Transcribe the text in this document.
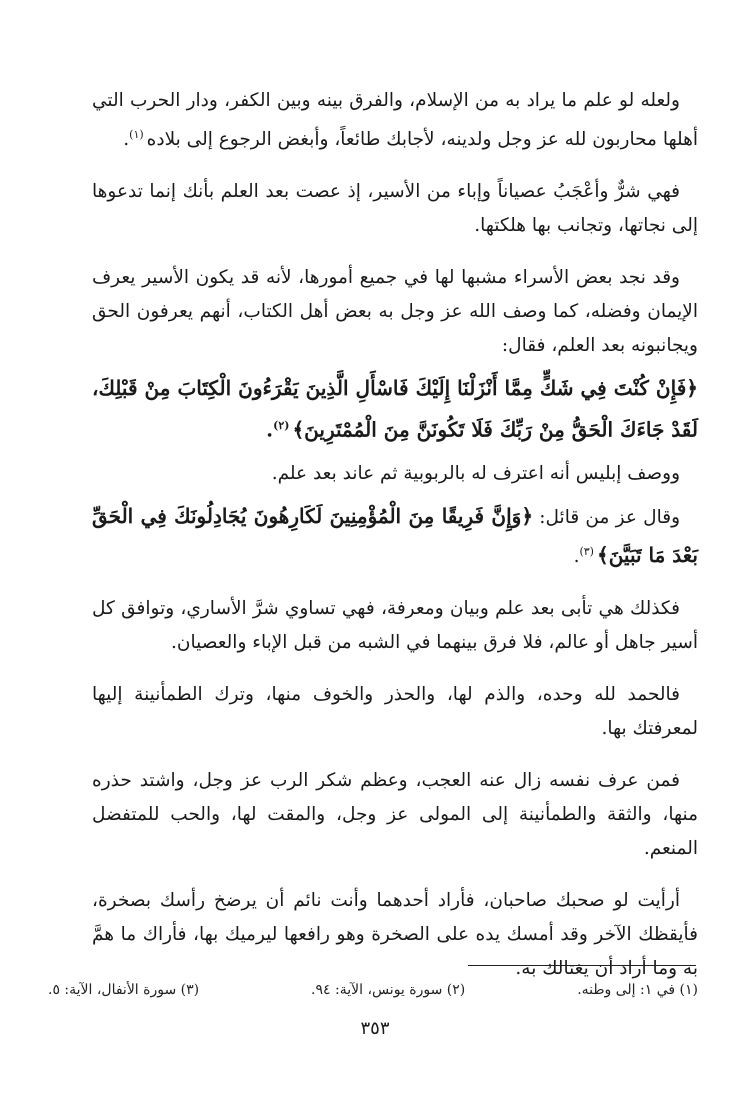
ولعله لو علم ما يراد به من الإسلام، والفرق بينه وبين الكفر، ودار الحرب التي أهلها محاربون لله عز وجل ولدينه، لأجابك طائعاً، وأبغض الرجوع إلى بلاده$^{(١)}$.

فهي شرٌّ وأعْجَبُ عصياناً وإباء من الأسير، إذ عصت بعد العلم بأنك إنما تدعوها إلى نجاتها، وتجانب بها هلكتها.

وقد نجد بعض الأسراء مشبها لها في جميع أمورها، لأنه قد يكون الأسير يعرف الإيمان وفضله، كما وصف الله عز وجل به بعض أهل الكتاب، أنهم يعرفون الحق ويجانبونه بعد العلم، فقال:

﴿فَإِنْ كُنْتَ فِي شَكٍّ مِمَّا أَنْزَلْنَا إِلَيْكَ فَاسْأَلِ الَّذِينَ يَقْرَءُونَ الْكِتَابَ مِنْ قَبْلِكَ، لَقَدْ جَاءَكَ الْحَقُّ مِنْ رَبِّكَ فَلَا تَكُونَنَّ مِنَ الْمُمْتَرِينَ﴾$^{(٢)}$.

ووصف إبليس أنه اعترف له بالربوبية ثم عاند بعد علم.

وقال عز من قائل: ﴿وَإِنَّ فَرِيقًا مِنَ الْمُؤْمِنِينَ لَكَارِهُونَ يُجَادِلُونَكَ فِي الْحَقِّ بَعْدَ مَا تَبَيَّنَ﴾$^{(٣)}$.

فكذلك هي تأبى بعد علم وبيان ومعرفة، فهي تساوي شرَّ الأساري، وتوافق كل أسير جاهل أو عالم، فلا فرق بينهما في الشبه من قبل الإباء والعصيان.

فالحمد لله وحده، والذم لها، والحذر والخوف منها، وترك الطمأنينة إليها لمعرفتك بها.

فمن عرف نفسه زال عنه العجب، وعظم شكر الرب عز وجل، واشتد حذره منها، والثقة والطمأنينة إلى المولى عز وجل، والمقت لها، والحب للمتفضل المنعم.

أرأيت لو صحبك صاحبان، فأراد أحدهما وأنت نائم أن يرضخ رأسك بصخرة، فأيقظك الآخر وقد أمسك يده على الصخرة وهو رافعها ليرميك بها، فأراك ما همَّ به وما أراد أن يغتالك به.

(١) في ١: إلى وطنه.
(٢) سورة يونس، الآية: ٩٤.
(٣) سورة الأنفال، الآية: ٥.
٣٥٣
